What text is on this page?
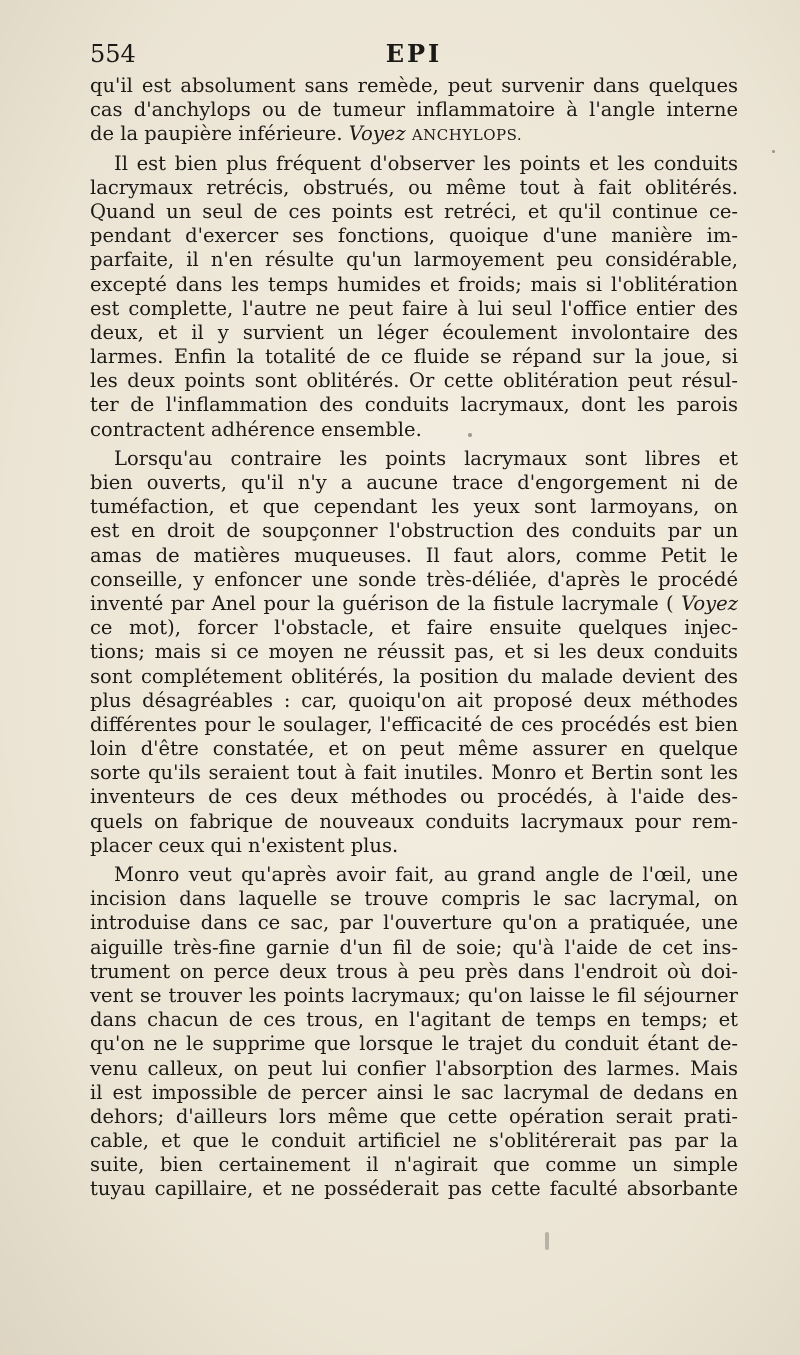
554	EPI
qu'il est absolument sans remède, peut survenir dans quelques
cas d'anchylops ou de tumeur inflammatoire à l'angle interne
de la paupière inférieure. Voyez ANCHYLOPS.
Il est bien plus fréquent d'observer les points et les conduits
lacrymaux retrécis, obstrués, ou même tout à fait oblitérés.
Quand un seul de ces points est retréci, et qu'il continue ce-
pendant d'exercer ses fonctions, quoique d'une manière im-
parfaite, il n'en résulte qu'un larmoyement peu considérable,
excepté dans les temps humides et froids; mais si l'oblitération
est complette, l'autre ne peut faire à lui seul l'office entier des
deux, et il y survient un léger écoulement involontaire des
larmes. Enfin la totalité de ce fluide se répand sur la joue, si
les deux points sont oblitérés. Or cette oblitération peut résul-
ter de l'inflammation des conduits lacrymaux, dont les parois
contractent adhérence ensemble.
Lorsqu'au contraire les points lacrymaux sont libres et
bien ouverts, qu'il n'y a aucune trace d'engorgement ni de
tuméfaction, et que cependant les yeux sont larmoyans, on
est en droit de soupçonner l'obstruction des conduits par un
amas de matières muqueuses. Il faut alors, comme Petit le
conseille, y enfoncer une sonde très-déliée, d'après le procédé
inventé par Anel pour la guérison de la fistule lacrymale ( Voyez
ce mot), forcer l'obstacle, et faire ensuite quelques injec-
tions; mais si ce moyen ne réussit pas, et si les deux conduits
sont complétement oblitérés, la position du malade devient des
plus désagréables : car, quoiqu'on ait proposé deux méthodes
différentes pour le soulager, l'efficacité de ces procédés est bien
loin d'être constatée, et on peut même assurer en quelque
sorte qu'ils seraient tout à fait inutiles. Monro et Bertin sont les
inventeurs de ces deux méthodes ou procédés, à l'aide des-
quels on fabrique de nouveaux conduits lacrymaux pour rem-
placer ceux qui n'existent plus.
Monro veut qu'après avoir fait, au grand angle de l'œil, une
incision dans laquelle se trouve compris le sac lacrymal, on
introduise dans ce sac, par l'ouverture qu'on a pratiquée, une
aiguille très-fine garnie d'un fil de soie; qu'à l'aide de cet ins-
trument on perce deux trous à peu près dans l'endroit où doi-
vent se trouver les points lacrymaux; qu'on laisse le fil séjourner
dans chacun de ces trous, en l'agitant de temps en temps; et
qu'on ne le supprime que lorsque le trajet du conduit étant de-
venu calleux, on peut lui confier l'absorption des larmes. Mais
il est impossible de percer ainsi le sac lacrymal de dedans en
dehors; d'ailleurs lors même que cette opération serait prati-
cable, et que le conduit artificiel ne s'oblitérerait pas par la
suite, bien certainement il n'agirait que comme un simple
tuyau capillaire, et ne posséderait pas cette faculté absorbante
